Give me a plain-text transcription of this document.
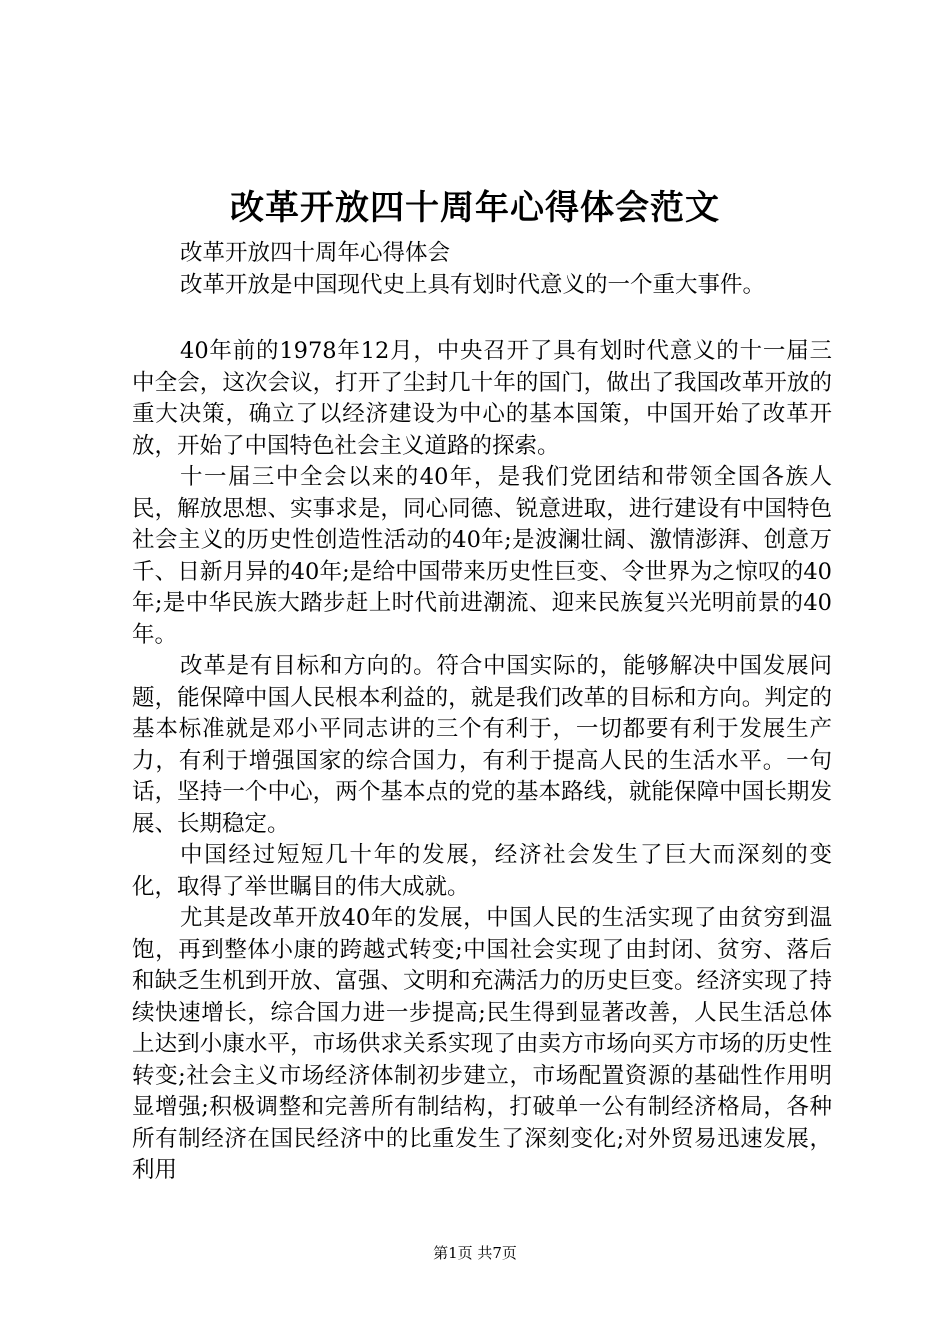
改革开放四十周年心得体会范文
改革开放四十周年心得体会
改革开放是中国现代史上具有划时代意义的一个重大事件。

40年前的1978年12月，中央召开了具有划时代意义的十一届三中全会，这次会议，打开了尘封几十年的国门，做出了我国改革开放的重大决策，确立了以经济建设为中心的基本国策，中国开始了改革开放，开始了中国特色社会主义道路的探索。

十一届三中全会以来的40年，是我们党团结和带领全国各族人民，解放思想、实事求是，同心同德、锐意进取，进行建设有中国特色社会主义的历史性创造性活动的40年;是波澜壮阔、激情澎湃、创意万千、日新月异的40年;是给中国带来历史性巨变、令世界为之惊叹的40年;是中华民族大踏步赶上时代前进潮流、迎来民族复兴光明前景的40年。

改革是有目标和方向的。符合中国实际的，能够解决中国发展问题，能保障中国人民根本利益的，就是我们改革的目标和方向。判定的基本标准就是邓小平同志讲的三个有利于，一切都要有利于发展生产力，有利于增强国家的综合国力，有利于提高人民的生活水平。一句话，坚持一个中心，两个基本点的党的基本路线，就能保障中国长期发展、长期稳定。

中国经过短短几十年的发展，经济社会发生了巨大而深刻的变化，取得了举世瞩目的伟大成就。

尤其是改革开放40年的发展，中国人民的生活实现了由贫穷到温饱，再到整体小康的跨越式转变;中国社会实现了由封闭、贫穷、落后和缺乏生机到开放、富强、文明和充满活力的历史巨变。经济实现了持续快速增长，综合国力进一步提高;民生得到显著改善，人民生活总体上达到小康水平，市场供求关系实现了由卖方市场向买方市场的历史性转变;社会主义市场经济体制初步建立，市场配置资源的基础性作用明显增强;积极调整和完善所有制结构，打破单一公有制经济格局，各种所有制经济在国民经济中的比重发生了深刻变化;对外贸易迅速发展，利用

第1页 共7页
